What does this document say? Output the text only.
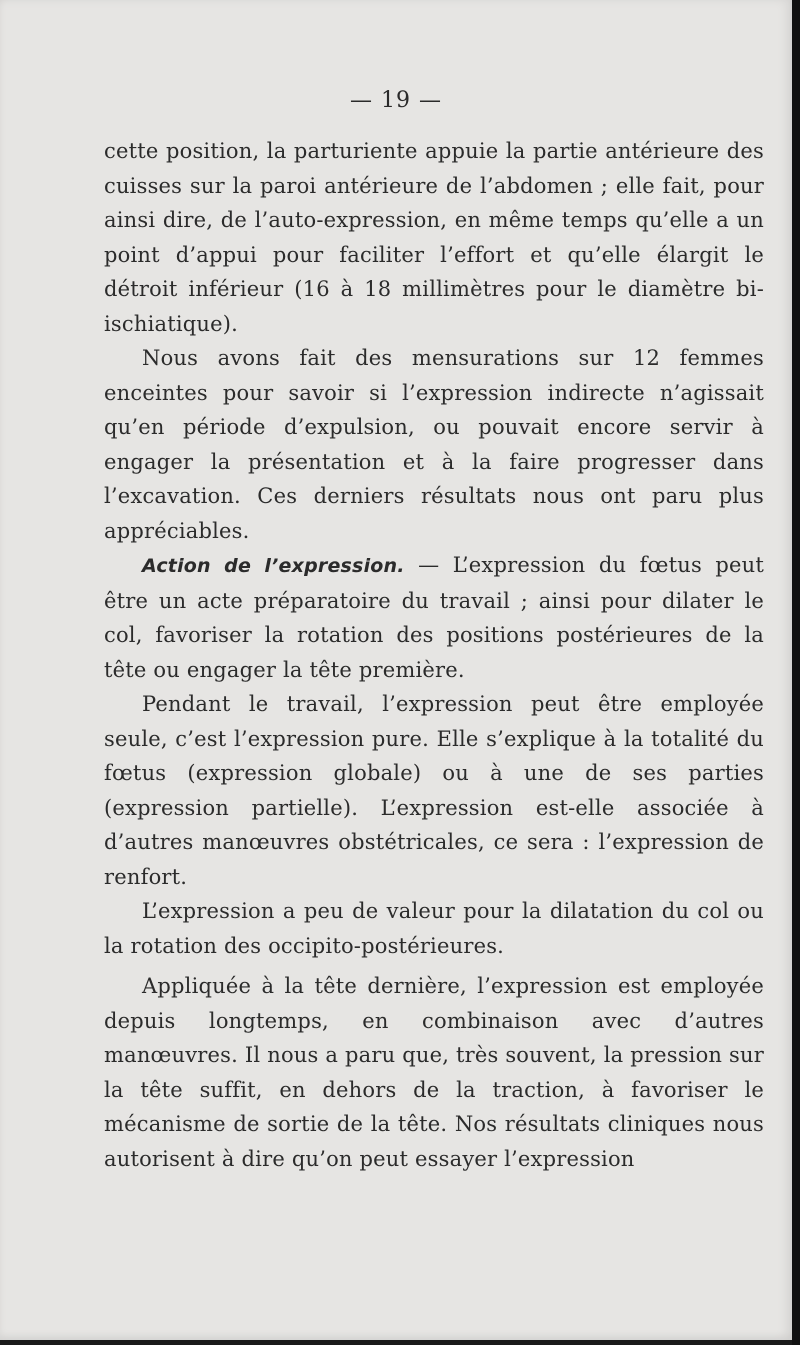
— 19 —

cette position, la parturiente appuie la partie antérieure des cuisses sur la paroi antérieure de l’abdomen ; elle fait, pour ainsi dire, de l’auto-expression, en même temps qu’elle a un point d’appui pour faciliter l’effort et qu’elle élargit le détroit inférieur (16 à 18 millimètres pour le diamètre bi-ischiatique).

Nous avons fait des mensurations sur 12 femmes enceintes pour savoir si l’expression indirecte n’agissait qu’en période d’expulsion, ou pouvait encore servir à engager la présentation et à la faire progresser dans l’excavation. Ces derniers résultats nous ont paru plus appréciables.

Action de l’expression. — L’expression du fœtus peut être un acte préparatoire du travail ; ainsi pour dilater le col, favoriser la rotation des positions postérieures de la tête ou engager la tête première.

Pendant le travail, l’expression peut être employée seule, c’est l’expression pure. Elle s’explique à la totalité du fœtus (expression globale) ou à une de ses parties (expression partielle). L’expression est-elle associée à d’autres manœuvres obstétricales, ce sera : l’expression de renfort.

L’expression a peu de valeur pour la dilatation du col ou la rotation des occipito-postérieures.

Appliquée à la tête dernière, l’expression est employée depuis longtemps, en combinaison avec d’autres manœuvres. Il nous a paru que, très souvent, la pression sur la tête suffit, en dehors de la traction, à favoriser le mécanisme de sortie de la tête. Nos résultats cliniques nous autorisent à dire qu’on peut essayer l’expression
